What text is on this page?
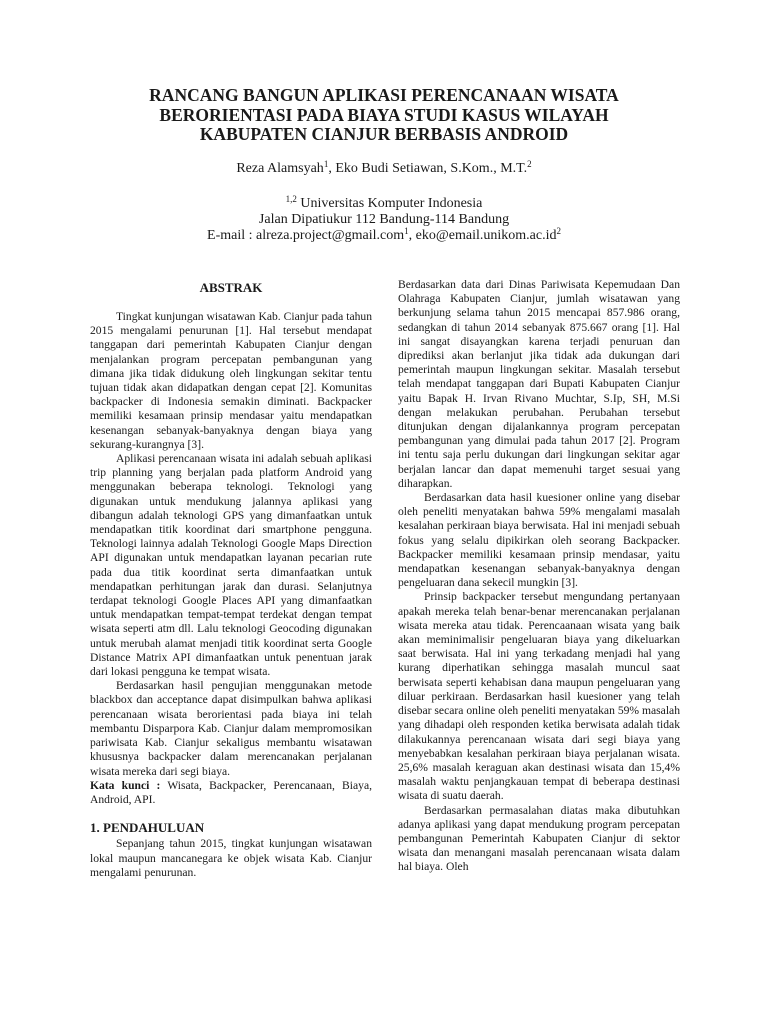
RANCANG BANGUN APLIKASI PERENCANAAN WISATA
BERORIENTASI PADA BIAYA STUDI KASUS WILAYAH
KABUPATEN CIANJUR BERBASIS ANDROID
Reza Alamsyah$^1$, Eko Budi Setiawan, S.Kom., M.T.$^2$
$^{1,2}$ Universitas Komputer Indonesia
Jalan Dipatiukur 112 Bandung-114 Bandung
E-mail : alreza.project@gmail.com$^1$, $eko@email.unikom.ac.id^2$
ABSTRAK

Tingkat kunjungan wisatawan Kab. Cianjur pada tahun 2015 mengalami penurunan [1]. Hal tersebut mendapat tanggapan dari pemerintah Kabupaten Cianjur dengan menjalankan program percepatan pembangunan yang dimana jika tidak didukung oleh lingkungan sekitar tentu tujuan tidak akan didapatkan dengan cepat [2]. Komunitas backpacker di Indonesia semakin diminati. Backpacker memiliki kesamaan prinsip mendasar yaitu mendapatkan kesenangan sebanyak-banyaknya dengan biaya yang sekurang-kurangnya [3].

Aplikasi perencanaan wisata ini adalah sebuah aplikasi trip planning yang berjalan pada platform Android yang menggunakan beberapa teknologi. Teknologi yang digunakan untuk mendukung jalannya aplikasi yang dibangun adalah teknologi GPS yang dimanfaatkan untuk mendapatkan titik koordinat dari smartphone pengguna. Teknologi lainnya adalah Teknologi Google Maps Direction API digunakan untuk mendapatkan layanan pecarian rute pada dua titik koordinat serta dimanfaatkan untuk mendapatkan perhitungan jarak dan durasi. Selanjutnya terdapat teknologi Google Places API yang dimanfaatkan untuk mendapatkan tempat-tempat terdekat dengan tempat wisata seperti atm dll. Lalu teknologi Geocoding digunakan untuk merubah alamat menjadi titik koordinat serta Google Distance Matrix API dimanfaatkan untuk penentuan jarak dari lokasi pengguna ke tempat wisata.

Berdasarkan hasil pengujian menggunakan metode blackbox dan acceptance dapat disimpulkan bahwa aplikasi perencanaan wisata berorientasi pada biaya ini telah membantu Disparpora Kab. Cianjur dalam mempromosikan pariwisata Kab. Cianjur sekaligus membantu wisatawan khususnya backpacker dalam merencanakan perjalanan wisata mereka dari segi biaya.

Kata kunci : Wisata, Backpacker, Perencanaan, Biaya, Android, API.

1. PENDAHULUAN

Sepanjang tahun 2015, tingkat kunjungan wisatawan lokal maupun mancanegara ke objek wisata Kab. Cianjur mengalami penurunan.

Berdasarkan data dari Dinas Pariwisata Kepemudaan Dan Olahraga Kabupaten Cianjur, jumlah wisatawan yang berkunjung selama tahun 2015 mencapai 857.986 orang, sedangkan di tahun 2014 sebanyak 875.667 orang [1]. Hal ini sangat disayangkan karena terjadi penuruan dan diprediksi akan berlanjut jika tidak ada dukungan dari pemerintah maupun lingkungan sekitar. Masalah tersebut telah mendapat tanggapan dari Bupati Kabupaten Cianjur yaitu Bapak H. Irvan Rivano Muchtar, S.Ip, SH, M.Si dengan melakukan perubahan. Perubahan tersebut ditunjukan dengan dijalankannya program percepatan pembangunan yang dimulai pada tahun 2017 [2]. Program ini tentu saja perlu dukungan dari lingkungan sekitar agar berjalan lancar dan dapat memenuhi target sesuai yang diharapkan.

Berdasarkan data hasil kuesioner online yang disebar oleh peneliti menyatakan bahwa 59% mengalami masalah kesalahan perkiraan biaya berwisata. Hal ini menjadi sebuah fokus yang selalu dipikirkan oleh seorang Backpacker. Backpacker memiliki kesamaan prinsip mendasar, yaitu mendapatkan kesenangan sebanyak-banyaknya dengan pengeluaran dana sekecil mungkin [3].

Prinsip backpacker tersebut mengundang pertanyaan apakah mereka telah benar-benar merencanakan perjalanan wisata mereka atau tidak. Perencaanaan wisata yang baik akan meminimalisir pengeluaran biaya yang dikeluarkan saat berwisata. Hal ini yang terkadang menjadi hal yang kurang diperhatikan sehingga masalah muncul saat berwisata seperti kehabisan dana maupun pengeluaran yang diluar perkiraan. Berdasarkan hasil kuesioner yang telah disebar secara online oleh peneliti menyatakan 59% masalah yang dihadapi oleh responden ketika berwisata adalah tidak dilakukannya perencanaan wisata dari segi biaya yang menyebabkan kesalahan perkiraan biaya perjalanan wisata. 25,6% masalah keraguan akan destinasi wisata dan 15,4% masalah waktu penjangkauan tempat di beberapa destinasi wisata di suatu daerah.

Berdasarkan permasalahan diatas maka dibutuhkan adanya aplikasi yang dapat mendukung program percepatan pembangunan Pemerintah Kabupaten Cianjur di sektor wisata dan menangani masalah perencanaan wisata dalam hal biaya. Oleh
